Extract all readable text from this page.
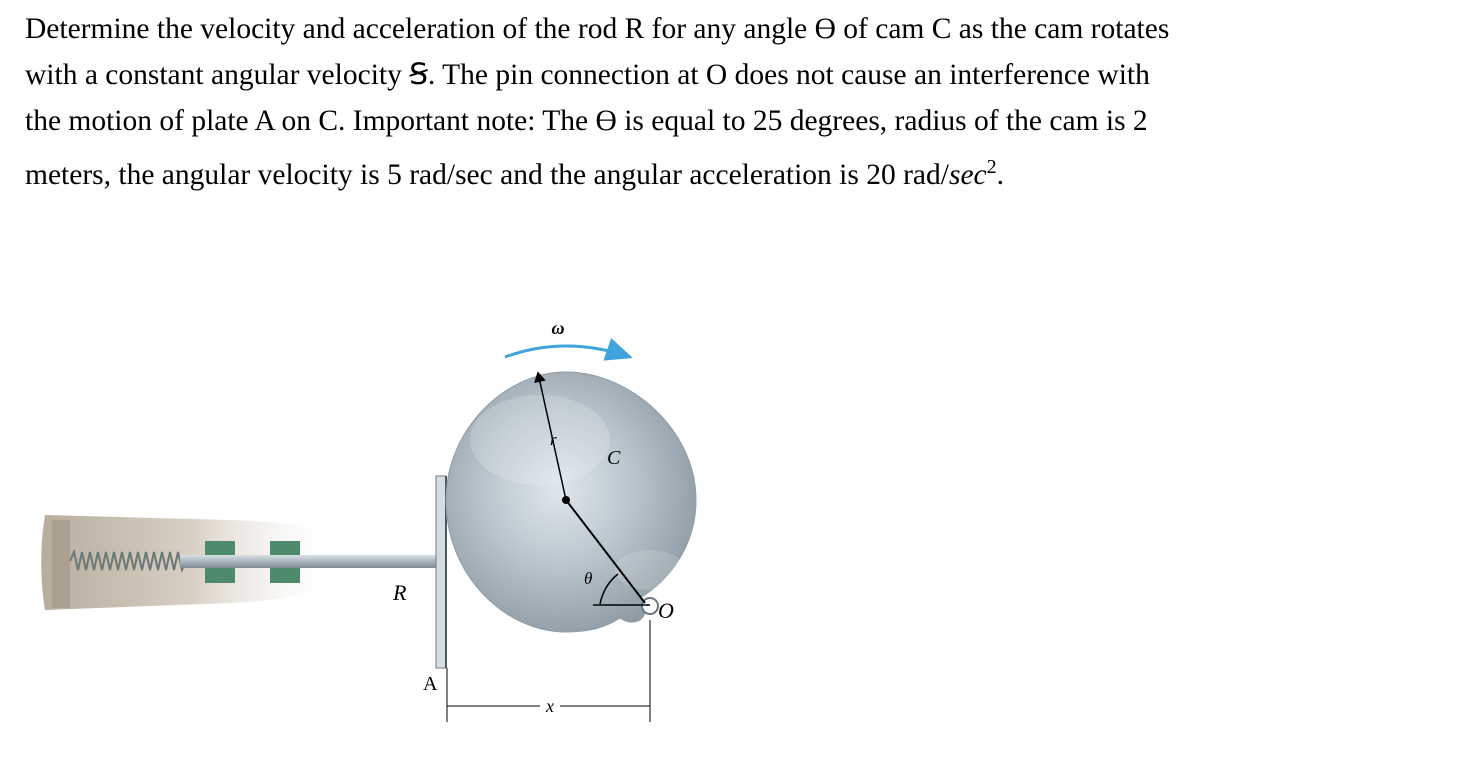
Determine the velocity and acceleration of the rod R for any angle ϴ of cam C as the cam rotates
with a constant angular velocity Ꞩ. The pin connection at O does not cause an interference with
the motion of plate A on C. Important note: The ϴ is equal to 25 degrees, radius of the cam is 2
meters, the angular velocity is 5 rad/sec and the angular acceleration is 20 rad/$\sec^2$.
ω
r
C
θ
O
R
A
x
